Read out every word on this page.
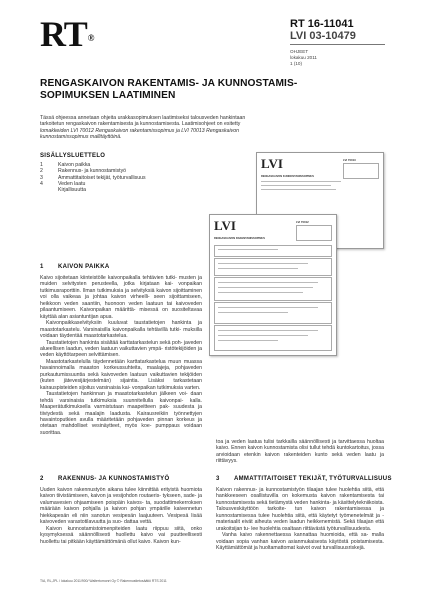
RT®
RT 16-11041
LVI 03-10479
OHJEET
lokakuu 2011
1 (10)
RENGASKAIVON RAKENTAMIS- JA KUNNOSTAMIS-
SOPIMUKSEN LAATIMINEN
Tässä ohjeessa annetaan ohjeita urakkasopimuksen laatimiseksi talousveden hankintaan
tarkoitetun rengaskaivon rakentamisesta ja kunnostamisesta. Laatimisohjeet on esitetty
lomakkeiden LVI 70012 Rengaskaivon rakentamissopimus ja LVI 70013 Rengaskaivon
kunnostamissopimus mallitäyttöinä.
SISÄLLYSLUETTELO
1	Kaivon paikka
2	Rakennus- ja kunnostamistyö
3	Ammattitaitoiset tekijät, työturvallisuus
4	Veden laatu
Kirjallisuutta
LVI	LVI 70013
RENGASKAIVON KUNNOSTAMISSOPIMUS
LVI	LVI 70012
RENGASKAIVON RAKENTAMISSOPIMUS
1 KAIVON PAIKKA

Kaivo sijoitetaan kiinteistölle kaivonpaikalla tehtävien tutki- musten ja muiden selvitysten perusteella, jotka kirjataan kai- vonpaikan tutkimusraporttiin. Ilman tutkimuksia ja selvityksiä kaivon sijoittaminen voi olla vaikeaa ja johtaa kaivon virheelli- seen sijoittamiseen, heikkoon veden saantiin, huonoon veden laatuun tai kaivoveden pilaantumiseen. Kaivonpaikan määrittä- misessä on suositeltavaa käyttää alan asiantuntijan apua.

Kaivonpaikkaselvityksiin kuuluvat taustatietojen hankinta ja maastotarkastelu. Varsinaisilla kaivonpaikalla tehtävillä tutki- muksilla voidaan täydentää maastotarkastelua.

Taustatietojen hankinta sisältää karttatarkastelun sekä poh- javeden alueellisen laadun, veden laatuun vaikuttavien ympä- ristötekijöiden ja veden käyttötarpeen selvittämisen.

Maastotarkastelulla täydennetään karttatarkastelua muun muassa havainnoimalla maaston korkeussuhteita, maalajeja, pohjaveden purkautumissuuntia sekä kaivoveden laatuun vaikuttavien tekijöiden (kuten jätevesijärjestelmän) sijaintia. Lisäksi tarkastetaan kairauspisteiden sijoitus varsinaisia kai- vonpaikan tutkimuksia varten.

Taustatietojen hankinnan ja maastotarkastelun jälkeen voi- daan tehdä varsinaisia tutkimuksia suunnitellulla kaivonpai- kalla. Maaperätutkimuksella varmistutaan maapeitteen pak- suudesta ja tiiviydestä sekä maalajin laadusta. Kairausreikiin työnnettyjen havaintoputkien avulla määritetään pohjaveden pinnan korkeus ja otetaan mahdolliset vesinäytteet, myös koe- pumppaus voidaan suorittaa.

toa ja veden laatua tulisi tarkkailla säännöllisesti ja tarvittaessa huoltaa kaivo. Ennen kaivon kunnostamista olisi tullut tehdä kuntokartoitus, jossa arvioidaan etenkin kaivon rakenteiden kunto sekä veden laatu ja riittävyys.

2 RAKENNUS- JA KUNNOSTAMISTYÖ

Uuden kaivon rakennustyön aikana tulee kiinnittää erityistä huomiota kaivon tiivistämiseen, kaivon ja vesijohdon routaeris- tykseen, sade- ja valumavesien ohjaamiseen poispäin kaivos- ta, suodattimekerroksen määrään kaivon pohjalla ja kaivon pohjan ympärille kaivennetun hiekkapesän eli niin sanotun vesipesän laajuuteen. Vesipesä lisää kaivoveden varastotilavuutta ja suo- dattaa vettä.

Kaivon kunnostamistoimenpiteiden laatu riippuu siitä, onko kysymyksessä säännöllisesti huollettu kaivo vai puutteellisesti huollettu tai pitkään käyttämättömänä ollut kaivo. Kaivon kun-

3 AMMATTITAITOISET TEKIJÄT, TYÖTURVALLISUUS

Kaivon rakennus- ja kunnostamistyön tilaajan tulee huolehtia siitä, että hankkeeseen osallistuvilla on kokemusta kaivon rakentamisesta tai kunnostamisesta sekä tietämystä veden hankinta- ja käsittelytekniikoista. Talousveskäyttöön tarkoite- tun kaivon rakentamisessa ja kunnostamisessa tulee huolehtia siitä, että käytetyt työmenetelmät ja -materiaalit eivät aiheuta veden laadun heikkenemistä. Sekä tilaajan että urakoitsijan tu- lee huolehtia osaltaan riittävästä työturvallisuudesta.

Vanha kaivo rakennettaessa kannattaa huomioida, että sa- malla voidaan sopia vanhan kaivon asianmukaisesta käytöstä poistamisesta. Käyttämättömät ja huoltamattomat kaivot ovat turvallisuusriskejä.

TIA, RL,JPL / lokakuu 2011/900/ Waltertomonrt Oy © Rakennustietosäätiö RTS 2011
